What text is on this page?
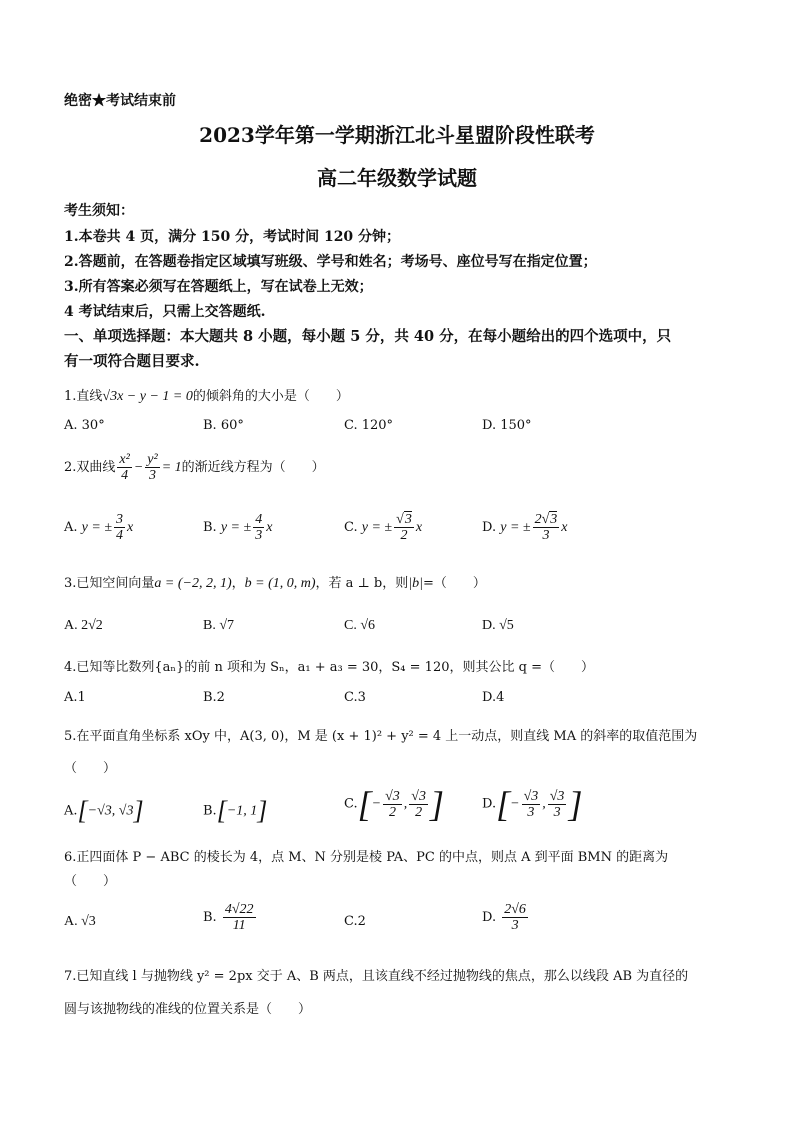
绝密★考试结束前
2023学年第一学期浙江北斗星盟阶段性联考
高二年级数学试题
考生须知：
1.本卷共 4 页，满分 150 分，考试时间 120 分钟；
2.答题前，在答题卷指定区域填写班级、学号和姓名；考场号、座位号写在指定位置；
3.所有答案必须写在答题纸上，写在试卷上无效；
4 考试结束后，只需上交答题纸.
一、单项选择题：本大题共 8 小题，每小题 5 分，共 40 分，在每小题给出的四个选项中，只
有一项符合题目要求.
1.直线√3x − y − 1 = 0的倾斜角的大小是（　　）
A. 30°	B. 60°	C. 120°	D. 150°
2.双曲线 $\frac{\text{x²}}{4} - \frac{\text{y²}}{3} = 1$的渐近线方程为（　　）
A. y = ± $\frac{3}{4}$ x	B. y = ± $\frac{4}{3}$ x	C. y = ± $\frac{√3}{2}$ x	D. y = ± $\frac{2√3}{3}$ x
3.已知空间向量a = (−2, 2, 1)，b = (1, 0, m)，若 a ⊥ b，则|b|=（　　）
A. 2√2	B. √7	C. √6	D. √5
4.已知等比数列{aₙ}的前 n 项和为 Sₙ，a₁ + a₃ = 30，S₄ = 120，则其公比 q =（　　）
A.1	B.2	C.3	D.4
5.在平面直角坐标系 xOy 中，A(3, 0)，M 是 (x + 1)² + y² = 4 上一动点，则直线 MA 的斜率的取值范围为
（　　）
A.[−√3, √3]	B.[−1, 1]	$C.[- \frac{√3}{2}$ , $\frac{√3}{2}$ ]	$D.[- \frac{√3}{3}$ , $\frac{√3}{3}$ ]
6.正四面体 P − ABC 的棱长为 4，点 M、N 分别是棱 PA、PC 的中点，则点 A 到平面 BMN 的距离为
（　　）
A. √3	B. $\frac{4√22}{11}$	C.2	D. $\frac{2√6}{3}$
7.已知直线 l 与抛物线 y² = 2px 交于 A、B 两点，且该直线不经过抛物线的焦点，那么以线段 AB 为直径的
圆与该抛物线的准线的位置关系是（　　）
